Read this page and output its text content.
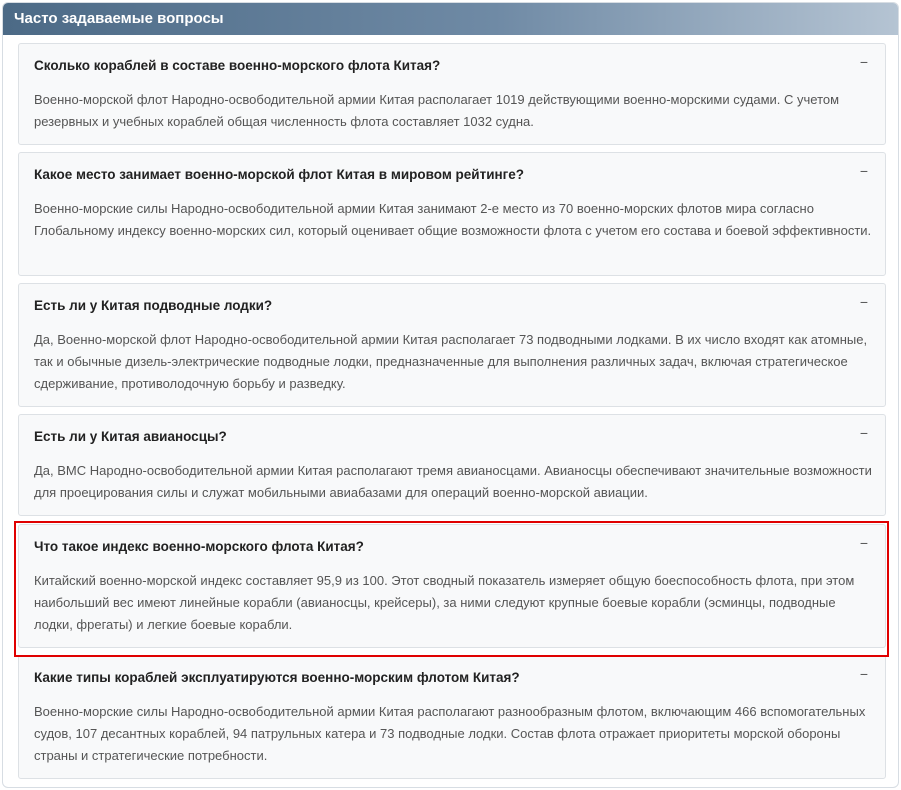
Часто задаваемые вопросы
Сколько кораблей в составе военно-морского флота Китая?	−
Военно-морской флот Народно-освободительной армии Китая располагает 1019 действующими военно-морскими судами. С учетом резервных и учебных кораблей общая численность флота составляет 1032 судна.
Какое место занимает военно-морской флот Китая в мировом рейтинге?	−
Военно-морские силы Народно-освободительной армии Китая занимают 2-е место из 70 военно-морских флотов мира согласно Глобальному индексу военно-морских сил, который оценивает общие возможности флота с учетом его состава и боевой эффективности.
Есть ли у Китая подводные лодки?	−
Да, Военно-морской флот Народно-освободительной армии Китая располагает 73 подводными лодками. В их число входят как атомные, так и обычные дизель-электрические подводные лодки, предназначенные для выполнения различных задач, включая стратегическое сдерживание, противолодочную борьбу и разведку.
Есть ли у Китая авианосцы?	−
Да, ВМС Народно-освободительной армии Китая располагают тремя авианосцами. Авианосцы обеспечивают значительные возможности для проецирования силы и служат мобильными авиабазами для операций военно-морской авиации.
Что такое индекс военно-морского флота Китая?	−
Китайский военно-морской индекс составляет 95,9 из 100. Этот сводный показатель измеряет общую боеспособность флота, при этом наибольший вес имеют линейные корабли (авианосцы, крейсеры), за ними следуют крупные боевые корабли (эсминцы, подводные лодки, фрегаты) и легкие боевые корабли.
Какие типы кораблей эксплуатируются военно-морским флотом Китая?	−
Военно-морские силы Народно-освободительной армии Китая располагают разнообразным флотом, включающим 466 вспомогательных судов, 107 десантных кораблей, 94 патрульных катера и 73 подводные лодки. Состав флота отражает приоритеты морской обороны страны и стратегические потребности.
